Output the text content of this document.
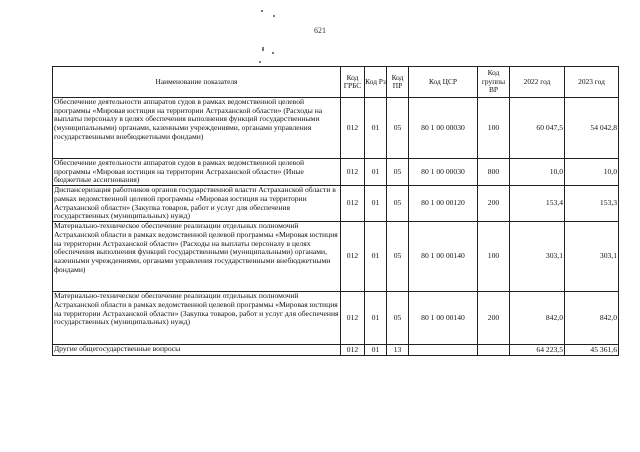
621
Наименование показателя	Код ГРБС	Код Рз	Код ПР	Код ЦСР	Код группы ВР	2022 год	2023 год
Обеспечение деятельности аппаратов судов в рамках ведомственной целевой программы «Мировая юстиция на территории Астраханской области» (Расходы на выплаты персоналу в целях обеспечения выполнения функций государственными (муниципальными) органами, казенными учреждениями, органами управления государственными внебюджетными фондами)	012	01	05	80 1 00 00030	100	60 047,5	54 042,8
Обеспечение деятельности аппаратов судов в рамках ведомственной целевой программы «Мировая юстиция на территории Астраханской области» (Иные бюджетные ассигнования)	012	01	05	80 1 00 00030	800	10,0	10,0
Диспансеризация работников органов государственной власти Астраханской области в рамках ведомственной целевой программы «Мировая юстиция на территории Астраханской области» (Закупка товаров, работ и услуг для обеспечения государственных (муниципальных) нужд)	012	01	05	80 1 00 00120	200	153,4	153,3
Материально-техническое обеспечение реализации отдельных полномочий Астраханской области в рамках ведомственной целевой программы «Мировая юстиция на территории Астраханской области» (Расходы на выплаты персоналу в целях обеспечения выполнения функций государственными (муниципальными) органами, казенными учреждениями, органами управления государственными внебюджетными фондами)	012	01	05	80 1 00 00140	100	303,1	303,1
Материально-техническое обеспечение реализации отдельных полномочий Астраханской области в рамках ведомственной целевой программы «Мировая юстиция на территории Астраханской области» (Закупка товаров, работ и услуг для обеспечения государственных (муниципальных) нужд)	012	01	05	80 1 00 00140	200	842,0	842,0
Другие общегосударственные вопросы	012	01	13			64 223,5	45 361,6
